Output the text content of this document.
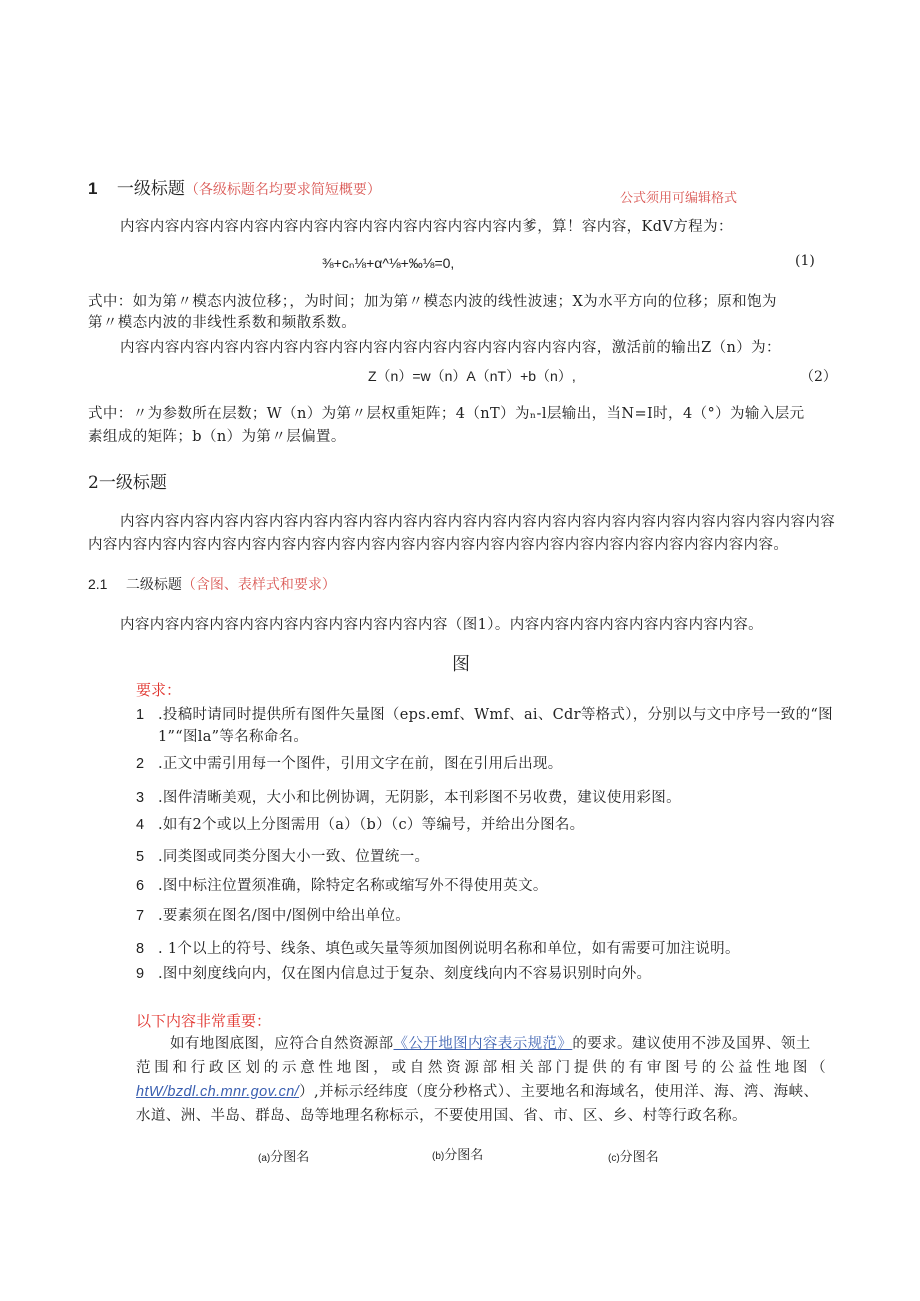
1 一级标题（各级标题名均要求简短概要）	公式须用可编辑格式
内容内容内容内容内容内容内容内容内容内容内容内容内容内爹，算！容内容，KdV方程为：
⅜+cₙ⅛+α^⅛+‰⅛=0,	(1)
式中：如为第〃模态内波位移；，为时间；加为第〃模态内波的线性波速；X为水平方向的位移；原和饱为
第〃模态内波的非线性系数和频散系数。
内容内容内容内容内容内容内容内容内容内容内容内容内容内容内容内容，激活前的输出Z（n）为：
Z（n）=w（n）A（nT）+b（n）,	（2）
式中：〃为参数所在层数；W（n）为第〃层权重矩阵；4（nT）为ₙ-l层输出，当N=I时，4（°）为输入层元
素组成的矩阵；b（n）为第〃层偏置。
2一级标题
内容内容内容内容内容内容内容内容内容内容内容内容内容内容内容内容内容内容内容内容内容内容内容内容
内容内容内容内容内容内容内容内容内容内容内容内容内容内容内容内容内容内容内容内容内容内容内容。
2.1 二级标题（含图、表样式和要求）
内容内容内容内容内容内容内容内容内容内容内容（图1）。内容内容内容内容内容内容内容内容。
图
要求：
1 .投稿时请同时提供所有图件矢量图（eps.emf、Wmf、ai、Cdr等格式），分别以与文中序号一致的“图
1”“图la”等名称命名。
2 .正文中需引用每一个图件，引用文字在前，图在引用后出现。
3 .图件清晰美观，大小和比例协调，无阴影，本刊彩图不另收费，建议使用彩图。
4 .如有2个或以上分图需用（a）（b）（c）等编号，并给出分图名。
5 .同类图或同类分图大小一致、位置统一。
6 .图中标注位置须准确，除特定名称或缩写外不得使用英文。
7 .要素须在图名/图中/图例中给出单位。
8 . 1个以上的符号、线条、填色或矢量等须加图例说明名称和单位，如有需要可加注说明。
9 .图中刻度线向内，仅在图内信息过于复杂、刻度线向内不容易识别时向外。
以下内容非常重要：
如有地图底图，应符合自然资源部《公开地图内容表示规范》的要求。建议使用不涉及国界、领土
范围和行政区划的示意性地图，或自然资源部相关部门提供的有审图号的公益性地图（
htW/bzdl.ch.mnr.gov.cn/）,并标示经纬度（度分秒格式）、主要地名和海域名，使用洋、海、湾、海峡、
水道、洲、半岛、群岛、岛等地理名称标示，不要使用国、省、市、区、乡、村等行政名称。
(a)分图名	(b)分图名	(c)分图名
